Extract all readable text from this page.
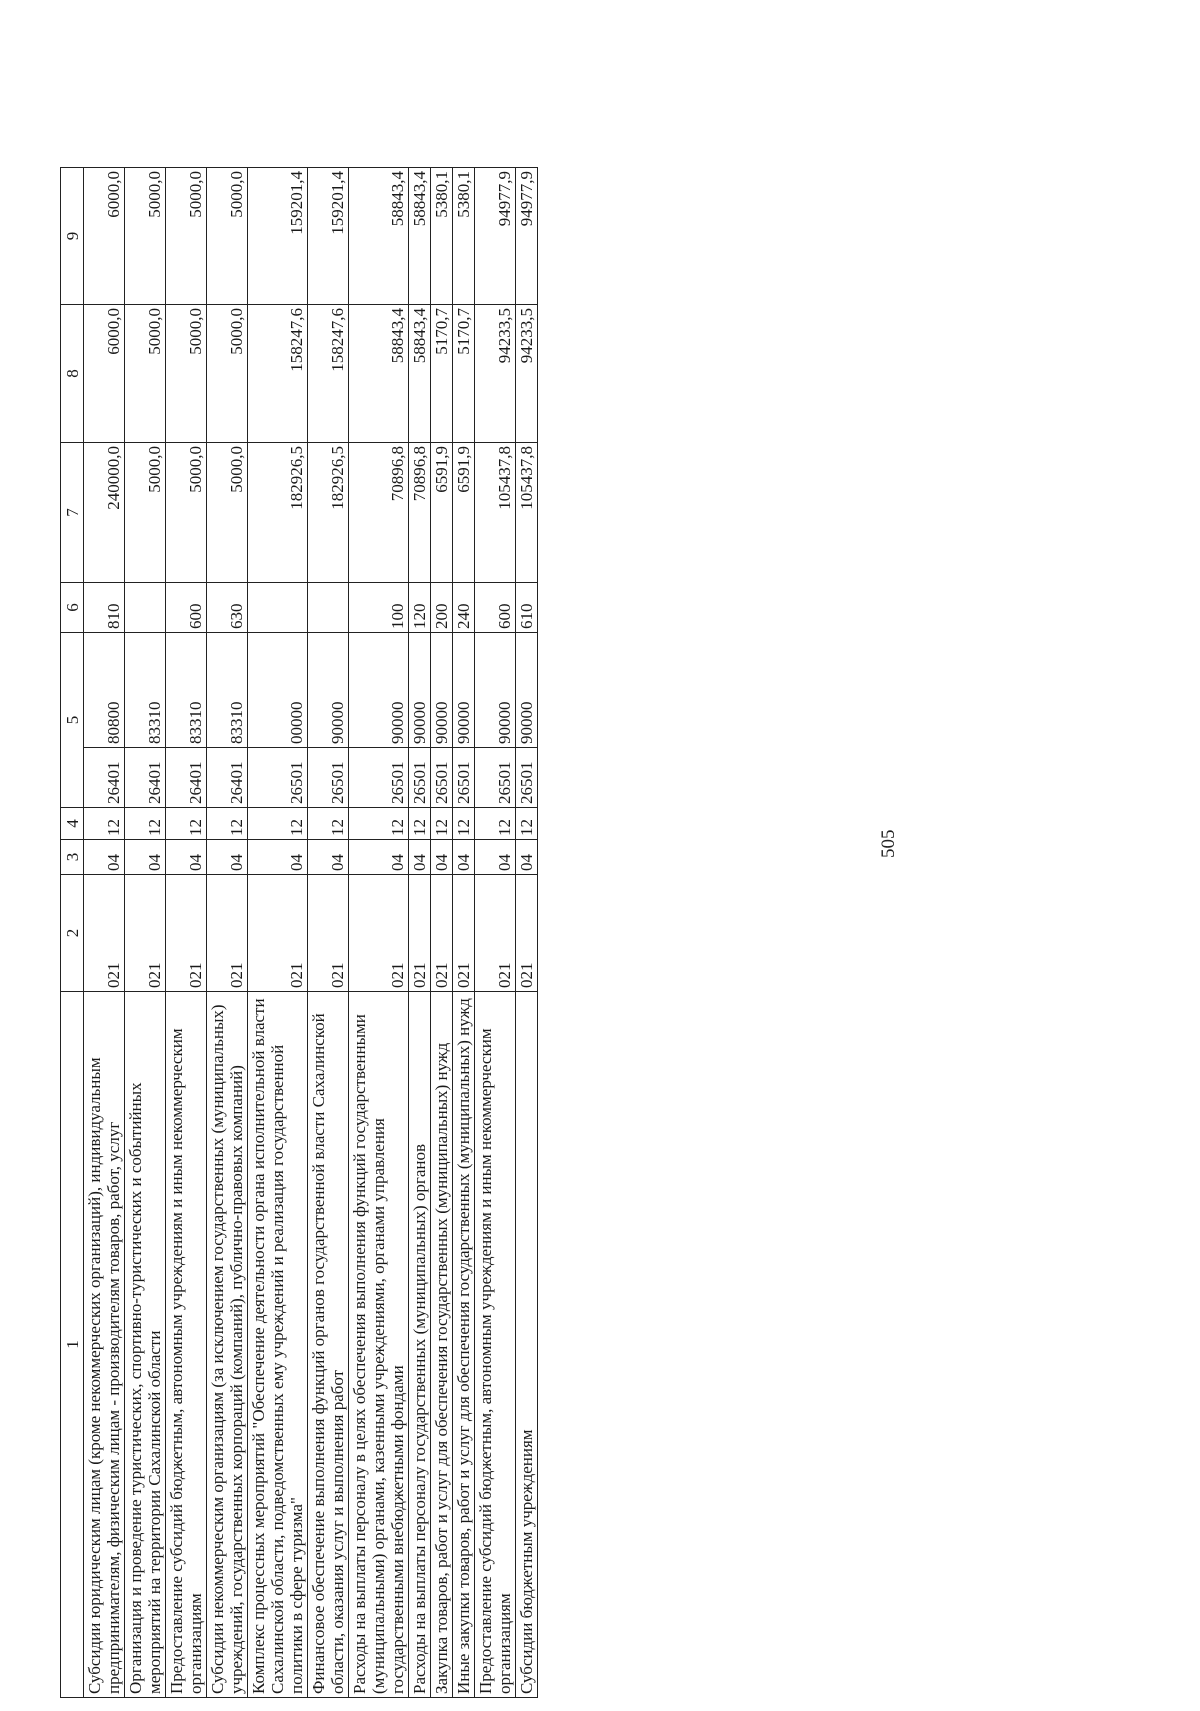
505
1	2	3	4	5		6	7	8	9
Субсидии юридическим лицам (кроме некоммерческих организаций), индивидуальным предпринимателям, физическим лицам - производителям товаров, работ, услуг	021	04	12	26401	80800	810	240000,0	6000,0	6000,0
Организация и проведение туристических, спортивно-туристических и событийных мероприятий на территории Сахалинской области	021	04	12	26401	83310		5000,0	5000,0	5000,0
Предоставление субсидий бюджетным, автономным учреждениям и иным некоммерческим организациям	021	04	12	26401	83310	600	5000,0	5000,0	5000,0
Субсидии некоммерческим организациям (за исключением государственных (муниципальных) учреждений, государственных корпораций (компаний), публично-правовых компаний)	021	04	12	26401	83310	630	5000,0	5000,0	5000,0
Комплекс процессных мероприятий "Обеспечение деятельности органа исполнительной власти Сахалинской области, подведомственных ему учреждений и реализация государственной политики в сфере туризма"	021	04	12	26501	00000		182926,5	158247,6	159201,4
Финансовое обеспечение выполнения функций органов государственной власти Сахалинской области, оказания услуг и выполнения работ	021	04	12	26501	90000		182926,5	158247,6	159201,4
Расходы на выплаты персоналу в целях обеспечения выполнения функций государственными (муниципальными) органами, казенными учреждениями, органами управления государственными внебюджетными фондами	021	04	12	26501	90000	100	70896,8	58843,4	58843,4
Расходы на выплаты персоналу государственных (муниципальных) органов	021	04	12	26501	90000	120	70896,8	58843,4	58843,4
Закупка товаров, работ и услуг для обеспечения государственных (муниципальных) нужд	021	04	12	26501	90000	200	6591,9	5170,7	5380,1
Иные закупки товаров, работ и услуг для обеспечения государственных (муниципальных) нужд	021	04	12	26501	90000	240	6591,9	5170,7	5380,1
Предоставление субсидий бюджетным, автономным учреждениям и иным некоммерческим организациям	021	04	12	26501	90000	600	105437,8	94233,5	94977,9
Субсидии бюджетным учреждениям	021	04	12	26501	90000	610	105437,8	94233,5	94977,9
